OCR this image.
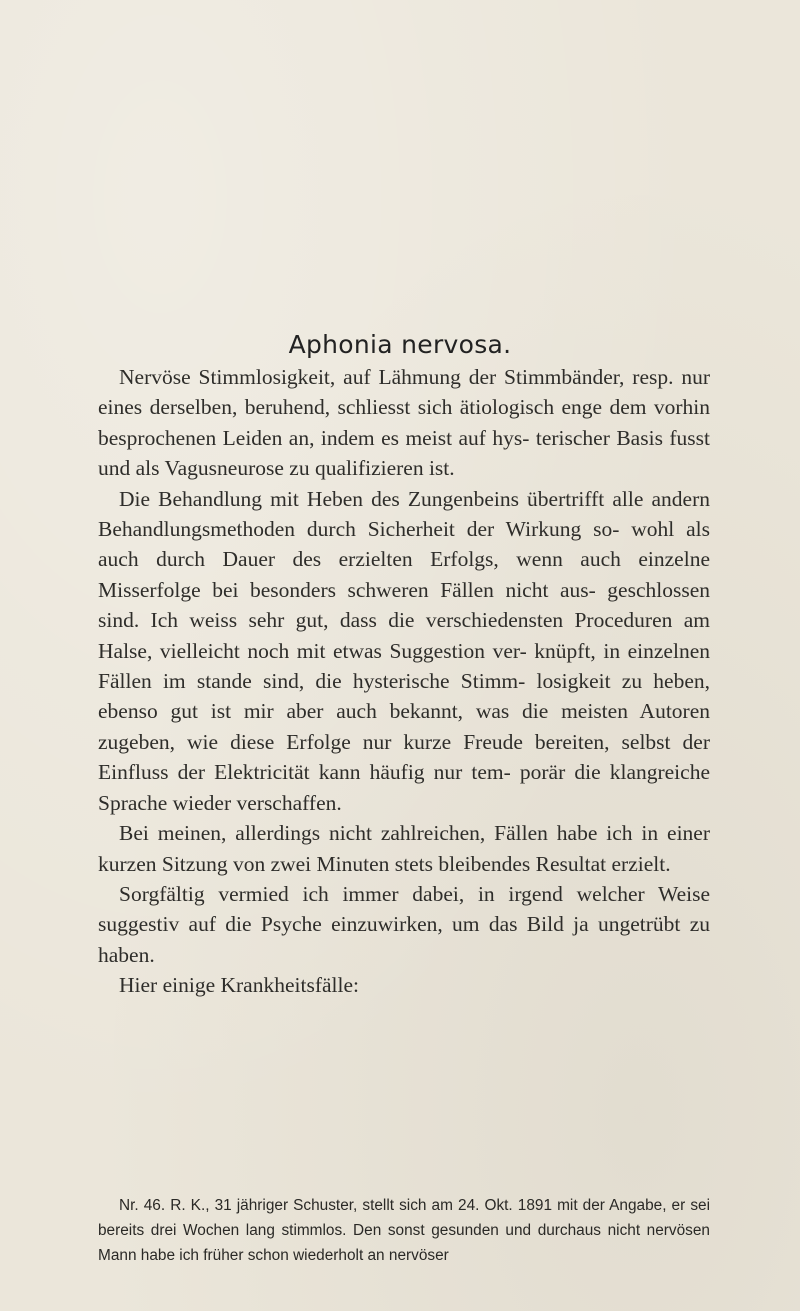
Aphonia nervosa.

Nervöse Stimmlosigkeit, auf Lähmung der Stimmbänder, resp. nur eines derselben, beruhend, schliesst sich ätiologisch enge dem vorhin besprochenen Leiden an, indem es meist auf hys- terischer Basis fusst und als Vagusneurose zu qualifizieren ist.

Die Behandlung mit Heben des Zungenbeins übertrifft alle andern Behandlungsmethoden durch Sicherheit der Wirkung so- wohl als auch durch Dauer des erzielten Erfolgs, wenn auch einzelne Misserfolge bei besonders schweren Fällen nicht aus- geschlossen sind. Ich weiss sehr gut, dass die verschiedensten Proceduren am Halse, vielleicht noch mit etwas Suggestion ver- knüpft, in einzelnen Fällen im stande sind, die hysterische Stimm- losigkeit zu heben, ebenso gut ist mir aber auch bekannt, was die meisten Autoren zugeben, wie diese Erfolge nur kurze Freude bereiten, selbst der Einfluss der Elektricität kann häufig nur tem- porär die klangreiche Sprache wieder verschaffen.

Bei meinen, allerdings nicht zahlreichen, Fällen habe ich in einer kurzen Sitzung von zwei Minuten stets bleibendes Resultat erzielt.

Sorgfältig vermied ich immer dabei, in irgend welcher Weise suggestiv auf die Psyche einzuwirken, um das Bild ja ungetrübt zu haben.

Hier einige Krankheitsfälle:

Nr. 46. R. K., 31 jähriger Schuster, stellt sich am 24. Okt. 1891 mit der Angabe, er sei bereits drei Wochen lang stimmlos. Den sonst gesunden und durchaus nicht nervösen Mann habe ich früher schon wiederholt an nervöser
